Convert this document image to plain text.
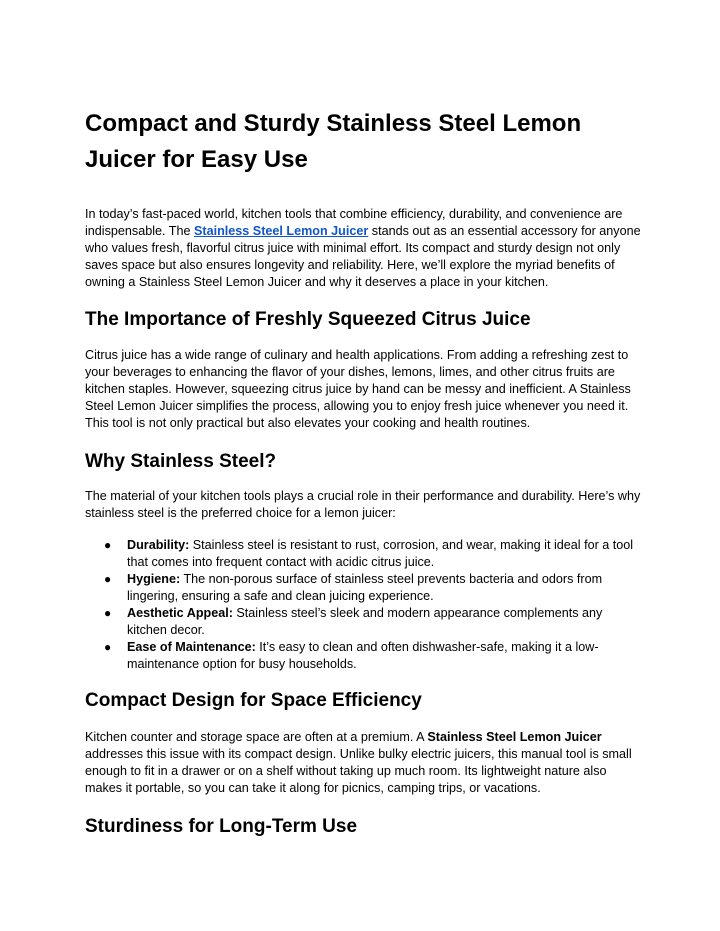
Compact and Sturdy Stainless Steel Lemon Juicer for Easy Use

In today’s fast-paced world, kitchen tools that combine efficiency, durability, and convenience are indispensable. The Stainless Steel Lemon Juicer stands out as an essential accessory for anyone who values fresh, flavorful citrus juice with minimal effort. Its compact and sturdy design not only saves space but also ensures longevity and reliability. Here, we’ll explore the myriad benefits of owning a Stainless Steel Lemon Juicer and why it deserves a place in your kitchen.

The Importance of Freshly Squeezed Citrus Juice

Citrus juice has a wide range of culinary and health applications. From adding a refreshing zest to your beverages to enhancing the flavor of your dishes, lemons, limes, and other citrus fruits are kitchen staples. However, squeezing citrus juice by hand can be messy and inefficient. A Stainless Steel Lemon Juicer simplifies the process, allowing you to enjoy fresh juice whenever you need it. This tool is not only practical but also elevates your cooking and health routines.

Why Stainless Steel?

The material of your kitchen tools plays a crucial role in their performance and durability. Here’s why stainless steel is the preferred choice for a lemon juicer:

● Durability: Stainless steel is resistant to rust, corrosion, and wear, making it ideal for a tool that comes into frequent contact with acidic citrus juice.
● Hygiene: The non-porous surface of stainless steel prevents bacteria and odors from lingering, ensuring a safe and clean juicing experience.
● Aesthetic Appeal: Stainless steel’s sleek and modern appearance complements any kitchen decor.
● Ease of Maintenance: It’s easy to clean and often dishwasher-safe, making it a low-maintenance option for busy households.
Compact Design for Space Efficiency

Kitchen counter and storage space are often at a premium. A Stainless Steel Lemon Juicer addresses this issue with its compact design. Unlike bulky electric juicers, this manual tool is small enough to fit in a drawer or on a shelf without taking up much room. Its lightweight nature also makes it portable, so you can take it along for picnics, camping trips, or vacations.

Sturdiness for Long-Term Use
